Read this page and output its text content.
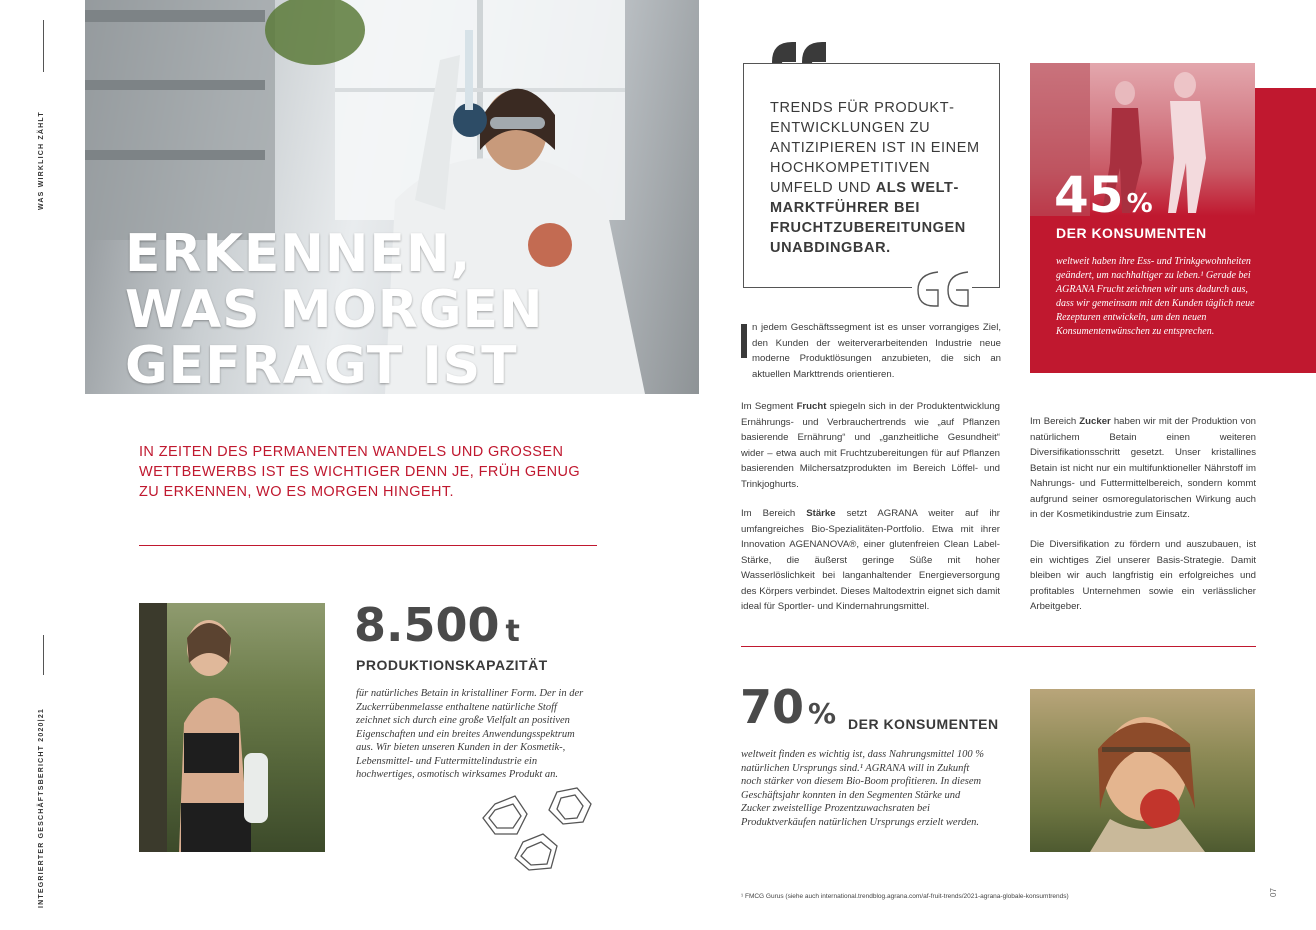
WAS WIRKLICH ZÄHLT
INTEGRIERTER GESCHÄFTSBERICHT 2020|21	07
ERKENNEN,
WAS MORGEN
GEFRAGT IST
IN ZEITEN DES PERMANENTEN WANDELS UND GROSSEN WETTBEWERBS IST ES WICHTIGER DENN JE, FRÜH GENUG ZU ERKENNEN, WO ES MORGEN HINGEHT.
8.500 t
PRODUKTIONSKAPAZITÄT
für natürliches Betain in kristalliner Form. Der in der Zuckerrübenmelasse enthaltene natürliche Stoff zeichnet sich durch eine große Vielfalt an positiven Eigenschaften und ein breites Anwendungsspektrum aus. Wir bieten unseren Kunden in der Kosmetik-, Lebensmittel- und Futtermittelindustrie ein hochwertiges, osmotisch wirksames Produkt an.
TRENDS FÜR PRODUKTENTWICKLUNGEN ZU ANTIZIPIEREN IST IN EINEM HOCHKOMPETITIVEN UMFELD UND ALS WELTMARKTFÜHRER BEI FRUCHTZUBEREITUNGEN UNABDINGBAR.
n jedem Geschäftssegment ist es unser vorrangiges Ziel, den Kunden der weiterverarbeitenden Industrie neue moderne Produktlösungen anzubieten, die sich an aktuellen Markttrends orientieren.
Im Segment Frucht spiegeln sich in der Produktentwicklung Ernährungs- und Verbrauchertrends wie „auf Pflanzen basierende Ernährung“ und „ganzheitliche Gesundheit“ wider – etwa auch mit Fruchtzubereitungen für auf Pflanzen basierenden Milchersatzprodukten im Bereich Löffel- und Trinkjoghurts.
Im Bereich Stärke setzt AGRANA weiter auf ihr umfangreiches Bio-Spezialitäten-Portfolio. Etwa mit ihrer Innovation AGENANOVA®, einer glutenfreien Clean Label-Stärke, die äußerst geringe Süße mit hoher Wasserlöslichkeit bei langanhaltender Energieversorgung des Körpers verbindet. Dieses Maltodextrin eignet sich damit ideal für Sportler- und Kindernahrungsmittel.
Im Bereich Zucker haben wir mit der Produktion von natürlichem Betain einen weiteren Diversifikationsschritt gesetzt. Unser kristallines Betain ist nicht nur ein multifunktioneller Nährstoff im Nahrungs- und Futtermittelbereich, sondern kommt aufgrund seiner osmoregulatorischen Wirkung auch in der Kosmetikindustrie zum Einsatz.
Die Diversifikation zu fördern und auszubauen, ist ein wichtiges Ziel unserer Basis-Strategie. Damit bleiben wir auch langfristig ein erfolgreiches und profitables Unternehmen sowie ein verlässlicher Arbeitgeber.
45 %
DER KONSUMENTEN
weltweit haben ihre Ess- und Trinkgewohnheiten geändert, um nachhaltiger zu leben.¹ Gerade bei AGRANA Frucht zeichnen wir uns dadurch aus, dass wir gemeinsam mit den Kunden täglich neue Rezepturen entwickeln, um den neuen Konsumentenwünschen zu entsprechen.
70 % DER KONSUMENTEN
weltweit finden es wichtig ist, dass Nahrungsmittel 100 % natürlichen Ursprungs sind.¹ AGRANA will in Zukunft noch stärker von diesem Bio-Boom profitieren. In diesem Geschäftsjahr konnten in den Segmenten Stärke und Zucker zweistellige Prozentzuwachsraten bei Produktverkäufen natürlichen Ursprungs erzielt werden.
¹ FMCG Gurus (siehe auch international.trendblog.agrana.com/af-fruit-trends/2021-agrana-globale-konsumtrends)
